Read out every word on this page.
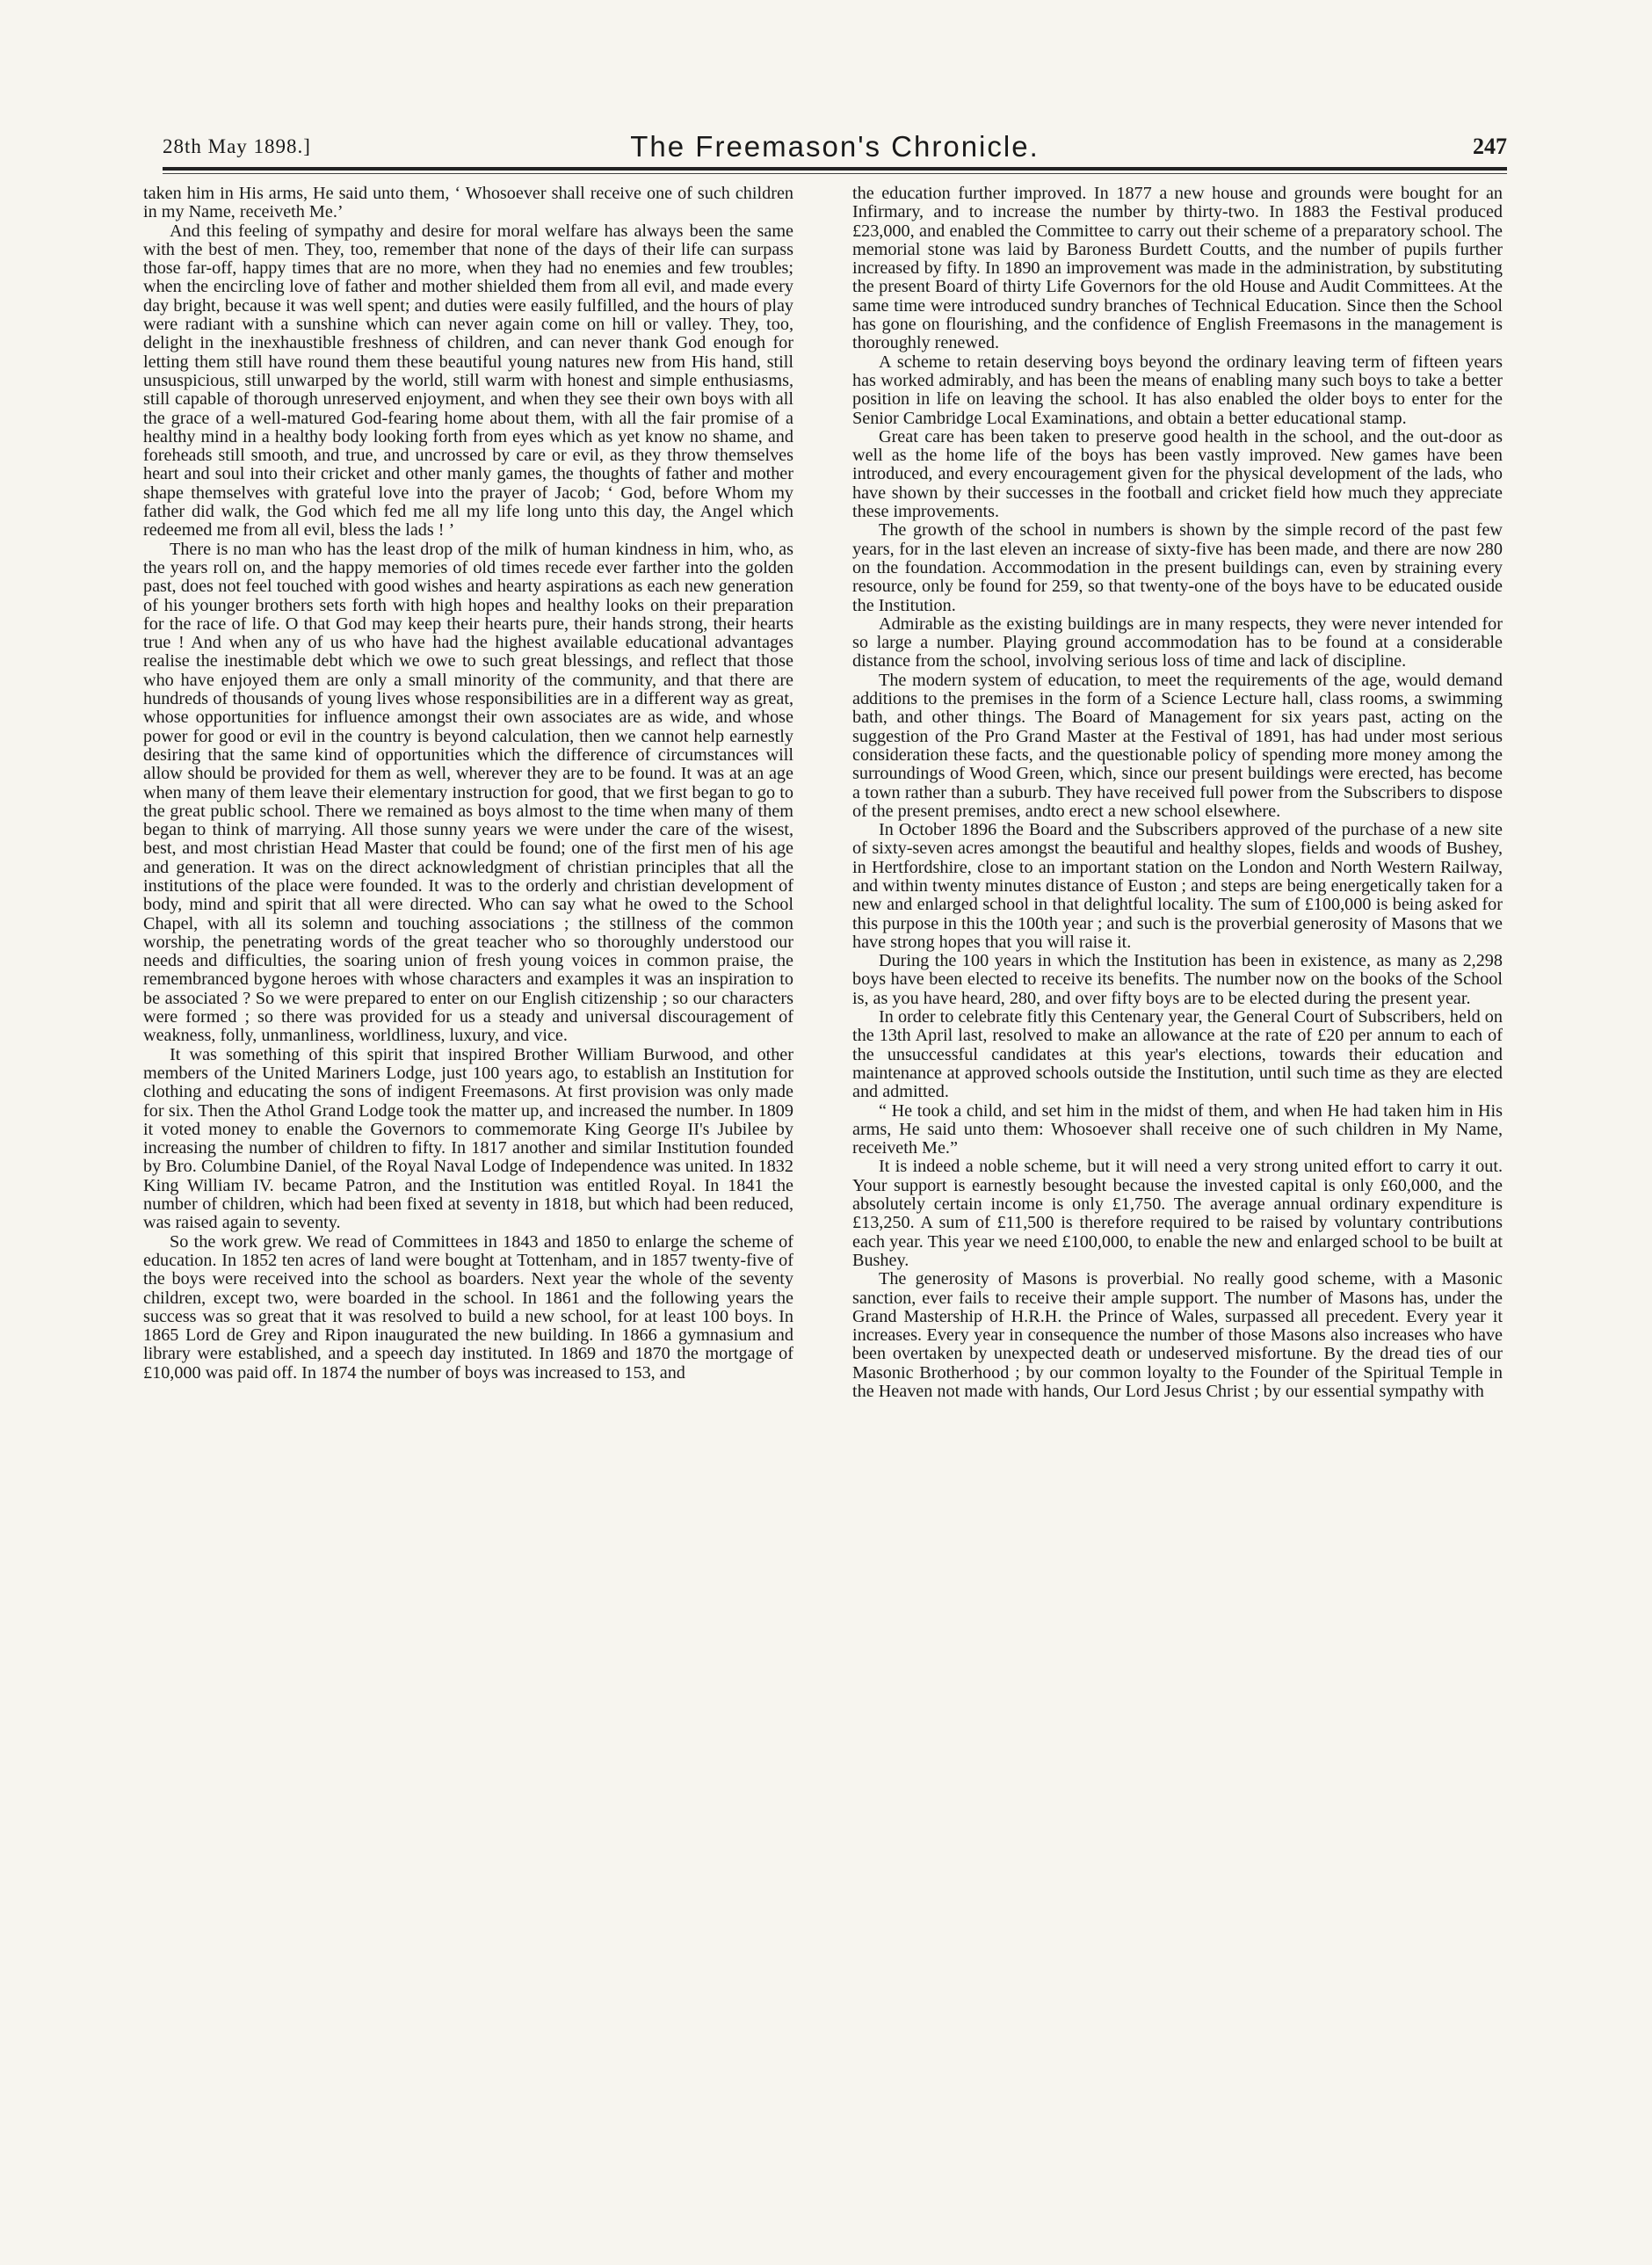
28th May 1898.]	The Freemason's Chronicle.	247

taken him in His arms, He said unto them, ‘ Whosoever shall receive one of such children in my Name, receiveth Me.’

And this feeling of sympathy and desire for moral welfare has always been the same with the best of men. They, too, remember that none of the days of their life can surpass those far-off, happy times that are no more, when they had no enemies and few troubles; when the encircling love of father and mother shielded them from all evil, and made every day bright, because it was well spent; and duties were easily fulfilled, and the hours of play were radiant with a sunshine which can never again come on hill or valley. They, too, delight in the inexhaustible freshness of children, and can never thank God enough for letting them still have round them these beautiful young natures new from His hand, still unsuspicious, still unwarped by the world, still warm with honest and simple enthusiasms, still capable of thorough unreserved enjoyment, and when they see their own boys with all the grace of a well-matured God-fearing home about them, with all the fair promise of a healthy mind in a healthy body looking forth from eyes which as yet know no shame, and foreheads still smooth, and true, and uncrossed by care or evil, as they throw themselves heart and soul into their cricket and other manly games, the thoughts of father and mother shape themselves with grateful love into the prayer of Jacob; ‘ God, before Whom my father did walk, the God which fed me all my life long unto this day, the Angel which redeemed me from all evil, bless the lads ! ’

There is no man who has the least drop of the milk of human kindness in him, who, as the years roll on, and the happy memories of old times recede ever farther into the golden past, does not feel touched with good wishes and hearty aspirations as each new generation of his younger brothers sets forth with high hopes and healthy looks on their preparation for the race of life. O that God may keep their hearts pure, their hands strong, their hearts true ! And when any of us who have had the highest available educational advantages realise the inestimable debt which we owe to such great blessings, and reflect that those who have enjoyed them are only a small minority of the community, and that there are hundreds of thousands of young lives whose responsibilities are in a different way as great, whose opportunities for influence amongst their own associates are as wide, and whose power for good or evil in the country is beyond calculation, then we cannot help earnestly desiring that the same kind of opportunities which the difference of circumstances will allow should be provided for them as well, wherever they are to be found. It was at an age when many of them leave their elementary instruction for good, that we first began to go to the great public school. There we remained as boys almost to the time when many of them began to think of marrying. All those sunny years we were under the care of the wisest, best, and most christian Head Master that could be found; one of the first men of his age and generation. It was on the direct acknowledgment of christian principles that all the institutions of the place were founded. It was to the orderly and christian development of body, mind and spirit that all were directed. Who can say what he owed to the School Chapel, with all its solemn and touching associations ; the stillness of the common worship, the penetrating words of the great teacher who so thoroughly understood our needs and difficulties, the soaring union of fresh young voices in common praise, the remembranced bygone heroes with whose characters and examples it was an inspiration to be associated ? So we were prepared to enter on our English citizenship ; so our characters were formed ; so there was provided for us a steady and universal discouragement of weakness, folly, unmanliness, worldliness, luxury, and vice.

It was something of this spirit that inspired Brother William Burwood, and other members of the United Mariners Lodge, just 100 years ago, to establish an Institution for clothing and educating the sons of indigent Freemasons. At first provision was only made for six. Then the Athol Grand Lodge took the matter up, and increased the number. In 1809 it voted money to enable the Governors to commemorate King George II's Jubilee by increasing the number of children to fifty. In 1817 another and similar Institution founded by Bro. Columbine Daniel, of the Royal Naval Lodge of Independence was united. In 1832 King William IV. became Patron, and the Institution was entitled Royal. In 1841 the number of children, which had been fixed at seventy in 1818, but which had been reduced, was raised again to seventy.

So the work grew. We read of Committees in 1843 and 1850 to enlarge the scheme of education. In 1852 ten acres of land were bought at Tottenham, and in 1857 twenty-five of the boys were received into the school as boarders. Next year the whole of the seventy children, except two, were boarded in the school. In 1861 and the following years the success was so great that it was resolved to build a new school, for at least 100 boys. In 1865 Lord de Grey and Ripon inaugurated the new building. In 1866 a gymnasium and library were established, and a speech day instituted. In 1869 and 1870 the mortgage of £10,000 was paid off. In 1874 the number of boys was increased to 153, and

the education further improved. In 1877 a new house and grounds were bought for an Infirmary, and to increase the number by thirty-two. In 1883 the Festival produced £23,000, and enabled the Committee to carry out their scheme of a preparatory school. The memorial stone was laid by Baroness Burdett Coutts, and the number of pupils further increased by fifty. In 1890 an improvement was made in the administration, by substituting the present Board of thirty Life Governors for the old House and Audit Committees. At the same time were introduced sundry branches of Technical Education. Since then the School has gone on flourishing, and the confidence of English Freemasons in the management is thoroughly renewed.

A scheme to retain deserving boys beyond the ordinary leaving term of fifteen years has worked admirably, and has been the means of enabling many such boys to take a better position in life on leaving the school. It has also enabled the older boys to enter for the Senior Cambridge Local Examinations, and obtain a better educational stamp.

Great care has been taken to preserve good health in the school, and the out-door as well as the home life of the boys has been vastly improved. New games have been introduced, and every encouragement given for the physical development of the lads, who have shown by their successes in the football and cricket field how much they appreciate these improvements.

The growth of the school in numbers is shown by the simple record of the past few years, for in the last eleven an increase of sixty-five has been made, and there are now 280 on the foundation. Accommodation in the present buildings can, even by straining every resource, only be found for 259, so that twenty-one of the boys have to be educated ouside the Institution.

Admirable as the existing buildings are in many respects, they were never intended for so large a number. Playing ground accommodation has to be found at a considerable distance from the school, involving serious loss of time and lack of discipline.

The modern system of education, to meet the requirements of the age, would demand additions to the premises in the form of a Science Lecture hall, class rooms, a swimming bath, and other things. The Board of Management for six years past, acting on the suggestion of the Pro Grand Master at the Festival of 1891, has had under most serious consideration these facts, and the questionable policy of spending more money among the surroundings of Wood Green, which, since our present buildings were erected, has become a town rather than a suburb. They have received full power from the Subscribers to dispose of the present premises, andto erect a new school elsewhere.

In October 1896 the Board and the Subscribers approved of the purchase of a new site of sixty-seven acres amongst the beautiful and healthy slopes, fields and woods of Bushey, in Hertfordshire, close to an important station on the London and North Western Railway, and within twenty minutes distance of Euston ; and steps are being energetically taken for a new and enlarged school in that delightful locality. The sum of £100,000 is being asked for this purpose in this the 100th year ; and such is the proverbial generosity of Masons that we have strong hopes that you will raise it.

During the 100 years in which the Institution has been in existence, as many as 2,298 boys have been elected to receive its benefits. The number now on the books of the School is, as you have heard, 280, and over fifty boys are to be elected during the present year.

In order to celebrate fitly this Centenary year, the General Court of Subscribers, held on the 13th April last, resolved to make an allowance at the rate of £20 per annum to each of the unsuccessful candidates at this year's elections, towards their education and maintenance at approved schools outside the Institution, until such time as they are elected and admitted.

“ He took a child, and set him in the midst of them, and when He had taken him in His arms, He said unto them: Whosoever shall receive one of such children in My Name, receiveth Me.”

It is indeed a noble scheme, but it will need a very strong united effort to carry it out. Your support is earnestly besought because the invested capital is only £60,000, and the absolutely certain income is only £1,750. The average annual ordinary expenditure is £13,250. A sum of £11,500 is therefore required to be raised by voluntary contributions each year. This year we need £100,000, to enable the new and enlarged school to be built at Bushey.

The generosity of Masons is proverbial. No really good scheme, with a Masonic sanction, ever fails to receive their ample support. The number of Masons has, under the Grand Mastership of H.R.H. the Prince of Wales, surpassed all precedent. Every year it increases. Every year in consequence the number of those Masons also increases who have been overtaken by unexpected death or undeserved misfortune. By the dread ties of our Masonic Brotherhood ; by our common loyalty to the Founder of the Spiritual Temple in the Heaven not made with hands, Our Lord Jesus Christ ; by our essential sympathy with
